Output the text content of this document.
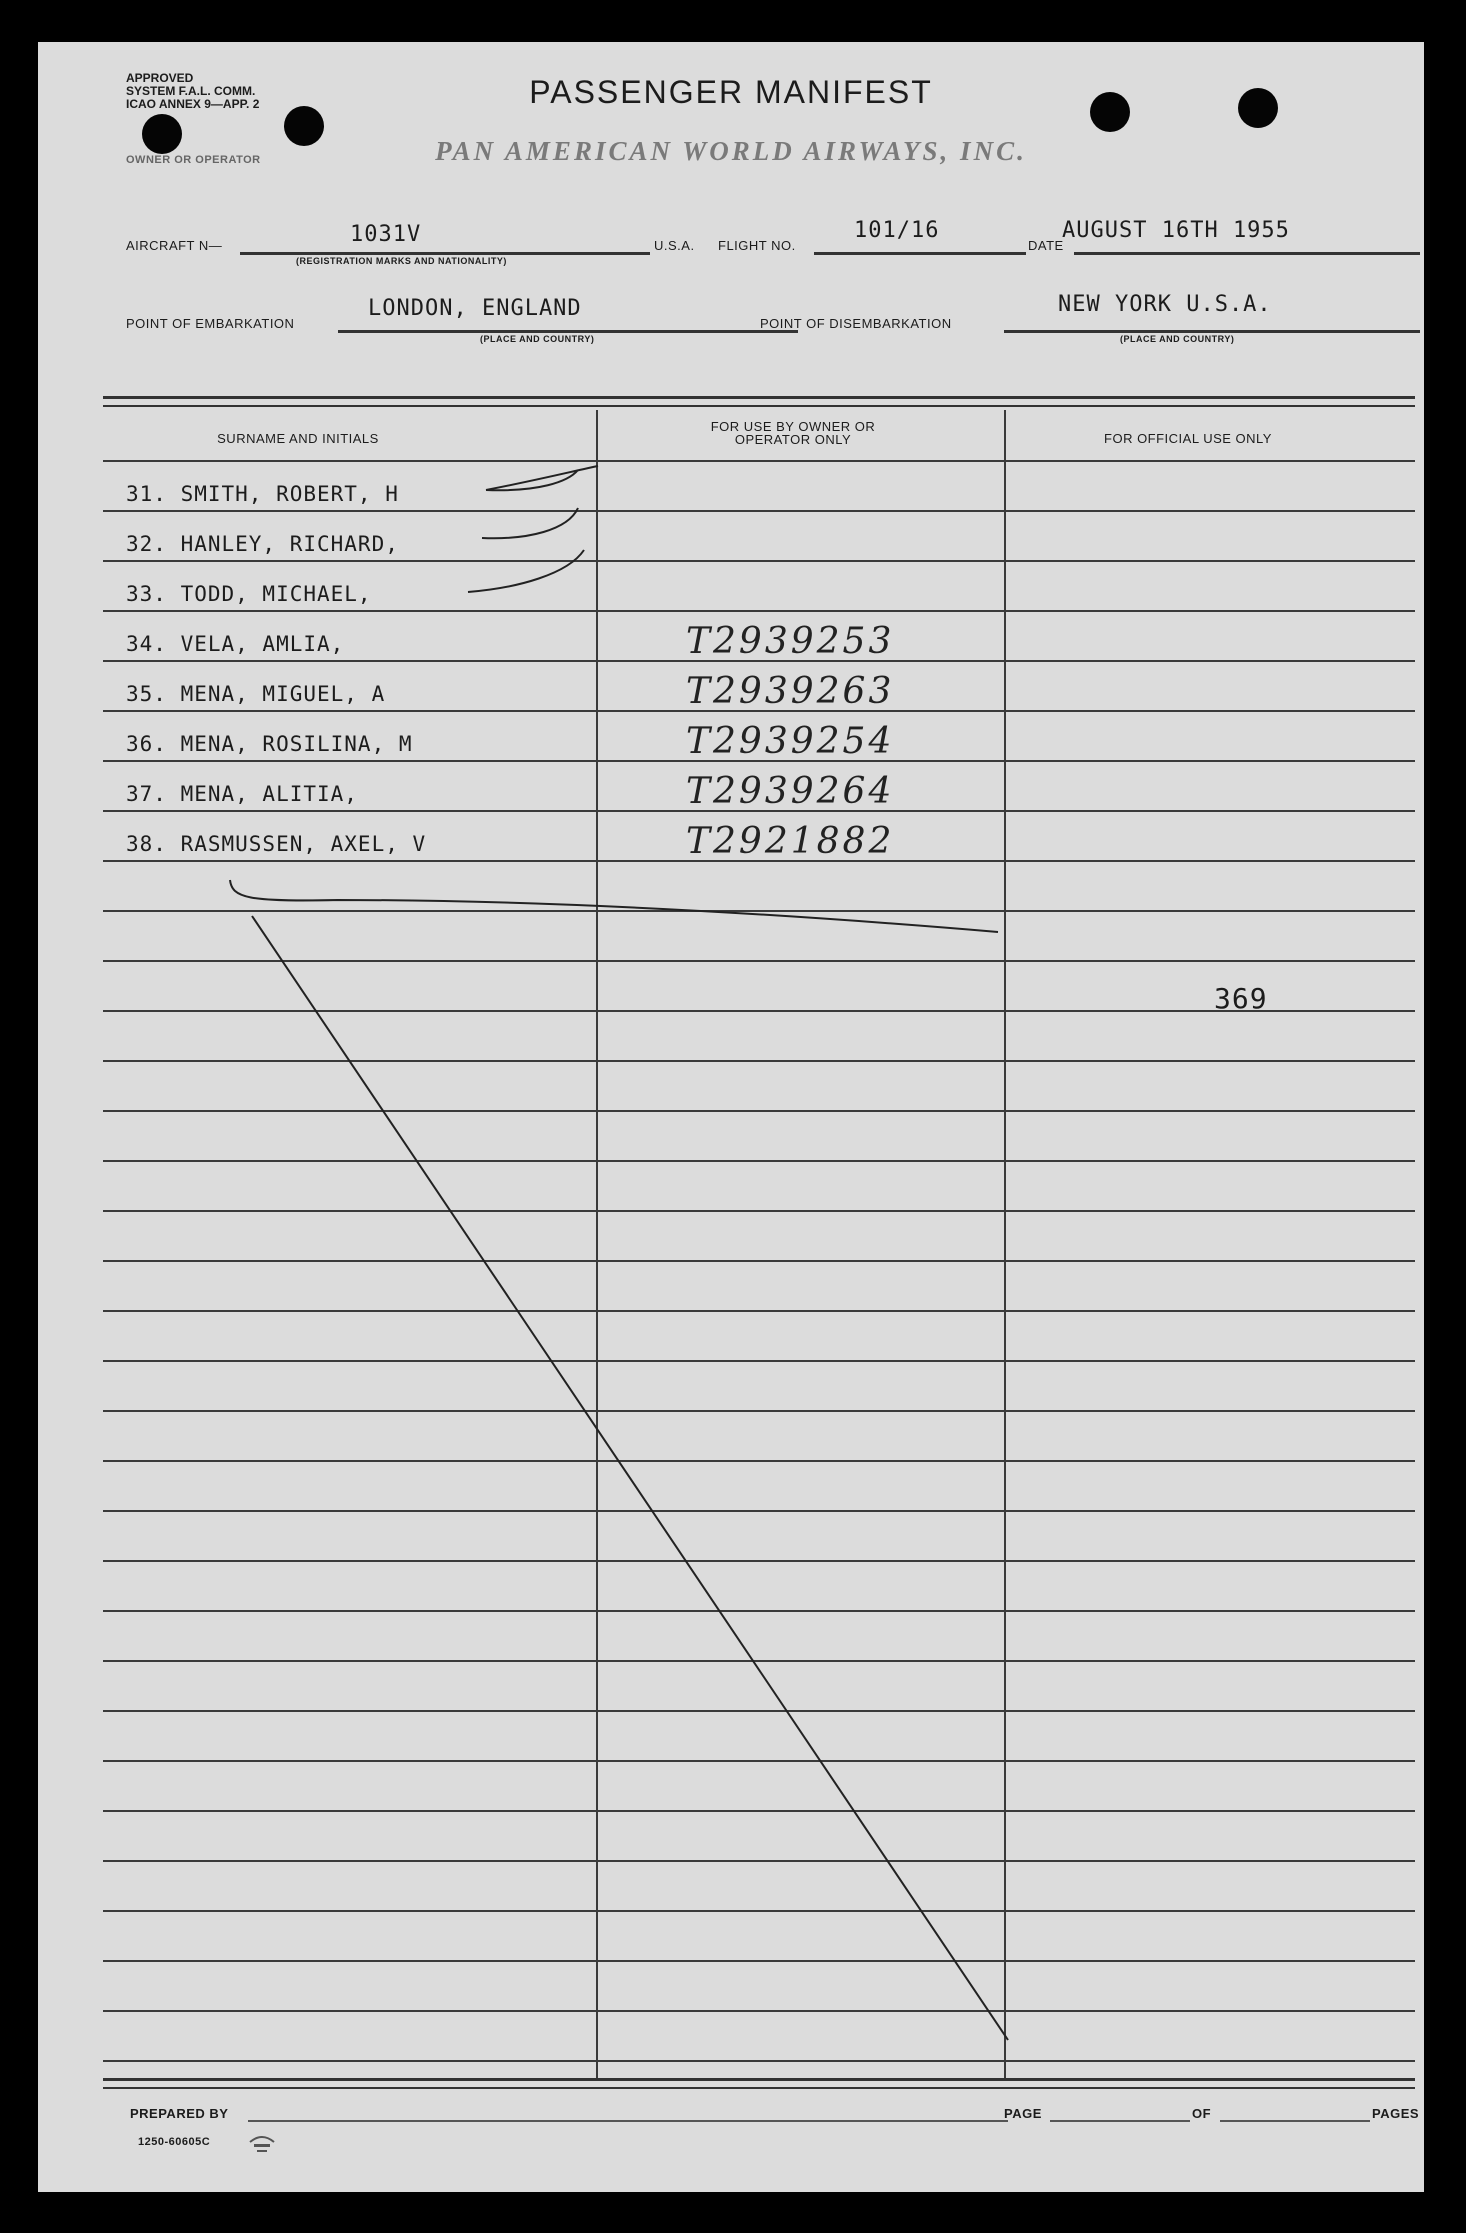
APPROVED
SYSTEM F.A.L. COMM.
ICAO ANNEX 9—APP. 2	PASSENGER MANIFEST
PAN AMERICAN WORLD AIRWAYS, INC.
OWNER OR OPERATOR
AIRCRAFT N—	1031V
(REGISTRATION MARKS AND NATIONALITY)
U.S.A. FLIGHT NO.
101/16
DATE
AUGUST 16TH 1955
POINT OF EMBARKATION
LONDON, ENGLAND
(PLACE AND COUNTRY)
POINT OF DISEMBARKATION
NEW YORK U.S.A.
(PLACE AND COUNTRY)
SURNAME AND INITIALS
FOR USE BY OWNER OR OPERATOR ONLY	FOR OFFICIAL USE ONLY
31. SMITH, ROBERT, H
32. HANLEY, RICHARD,
33. TODD, MICHAEL,
34. VELA, AMLIA,	T2939253
35. MENA, MIGUEL, A	T2939263
36. MENA, ROSILINA, M	T2939254
37. MENA, ALITIA,	T2939264
38. RASMUSSEN, AXEL, V	T2921882
369
PREPARED BY	PAGE	OF	PAGES
1250-60605C
